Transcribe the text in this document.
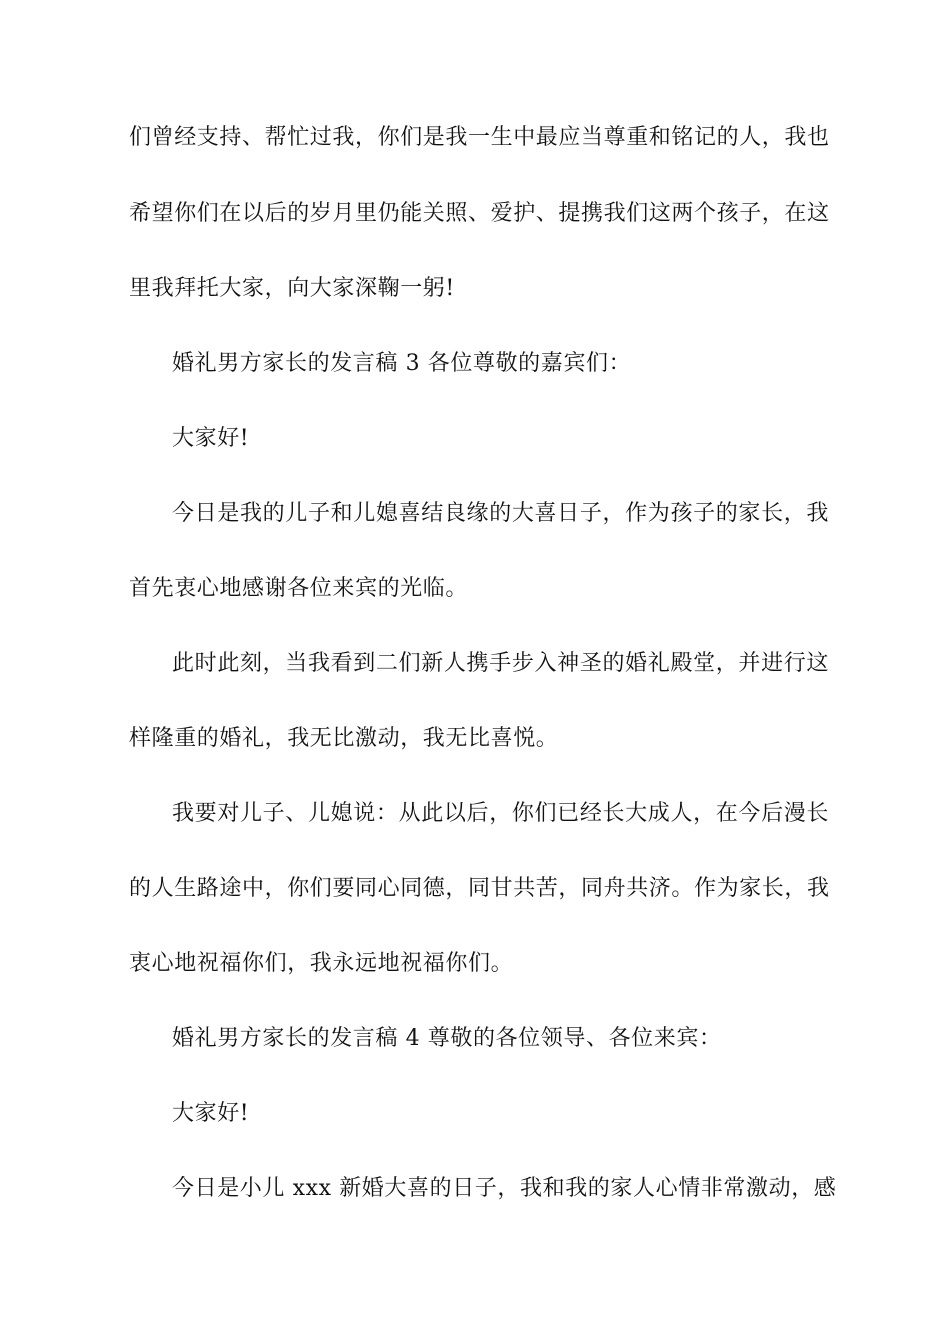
们曾经支持、帮忙过我，你们是我一生中最应当尊重和铭记的人，我也
希望你们在以后的岁月里仍能关照、爱护、提携我们这两个孩子，在这
里我拜托大家，向大家深鞠一躬!
婚礼男方家长的发言稿 3 各位尊敬的嘉宾们：
大家好!
今日是我的儿子和儿媳喜结良缘的大喜日子，作为孩子的家长，我
首先衷心地感谢各位来宾的光临。
此时此刻，当我看到二们新人携手步入神圣的婚礼殿堂，并进行这
样隆重的婚礼，我无比激动，我无比喜悦。
我要对儿子、儿媳说：从此以后，你们已经长大成人，在今后漫长
的人生路途中，你们要同心同德，同甘共苦，同舟共济。作为家长，我
衷心地祝福你们，我永远地祝福你们。
婚礼男方家长的发言稿 4 尊敬的各位领导、各位来宾：
大家好!
今日是小儿 xxx 新婚大喜的日子，我和我的家人心情非常激动，感
